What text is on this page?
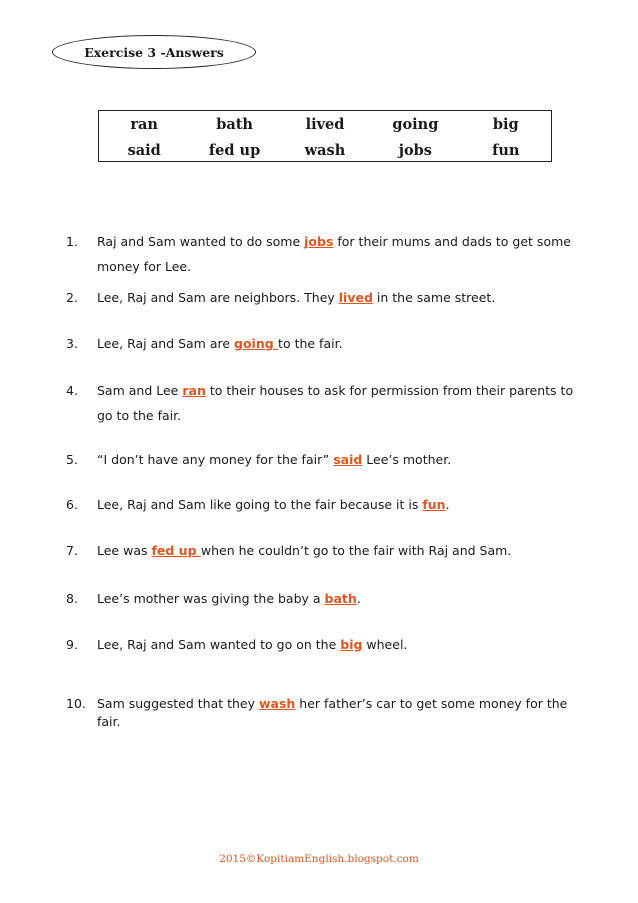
Exercise 3 -Answers
ran	bath	lived	going	big
said	fed up	wash	jobs	fun
1. Raj and Sam wanted to do some jobs for their mums and dads to get some money for Lee.
2. Lee, Raj and Sam are neighbors. They lived in the same street.
3. Lee, Raj and Sam are going to the fair.
4. Sam and Lee ran to their houses to ask for permission from their parents to go to the fair.
5. “I don’t have any money for the fair” said Lee’s mother.
6. Lee, Raj and Sam like going to the fair because it is fun.
7. Lee was fed up when he couldn’t go to the fair with Raj and Sam.
8. Lee’s mother was giving the baby a bath.
9. Lee, Raj and Sam wanted to go on the big wheel.
10. Sam suggested that they wash her father’s car to get some money for the fair.
2015©KopitiamEnglish.blogspot.com
